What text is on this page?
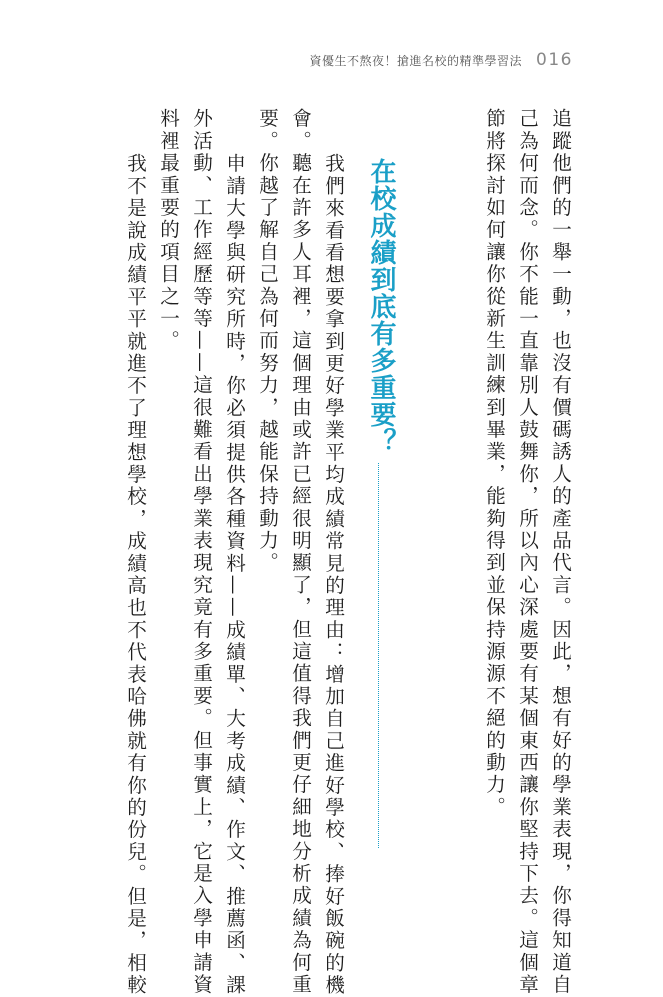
資優生不熬夜！搶進名校的精準學習法 016
追蹤他們的一舉一動，也沒有價碼誘人的產品代言。因此，想有好的學業表現，你得知道自
己為何而念。你不能一直靠別人鼓舞你，所以內心深處要有某個東西讓你堅持下去。這個章
節將探討如何讓你從新生訓練到畢業，能夠得到並保持源源不絕的動力。
在校成績到底有多重要？
我們來看看想要拿到更好學業平均成績常見的理由：增加自己進好學校、捧好飯碗的機
會。聽在許多人耳裡，這個理由或許已經很明顯了，但這值得我們更仔細地分析成績為何重
要。你越了解自己為何而努力，越能保持動力。
申請大學與研究所時，你必須提供各種資料——成績單、大考成績、作文、推薦函、課
外活動、工作經歷等等——這很難看出學業表現究竟有多重要。但事實上，它是入學申請資
料裡最重要的項目之一。
我不是說成績平平就進不了理想學校，成績高也不代表哈佛就有你的份兒。但是，相較
